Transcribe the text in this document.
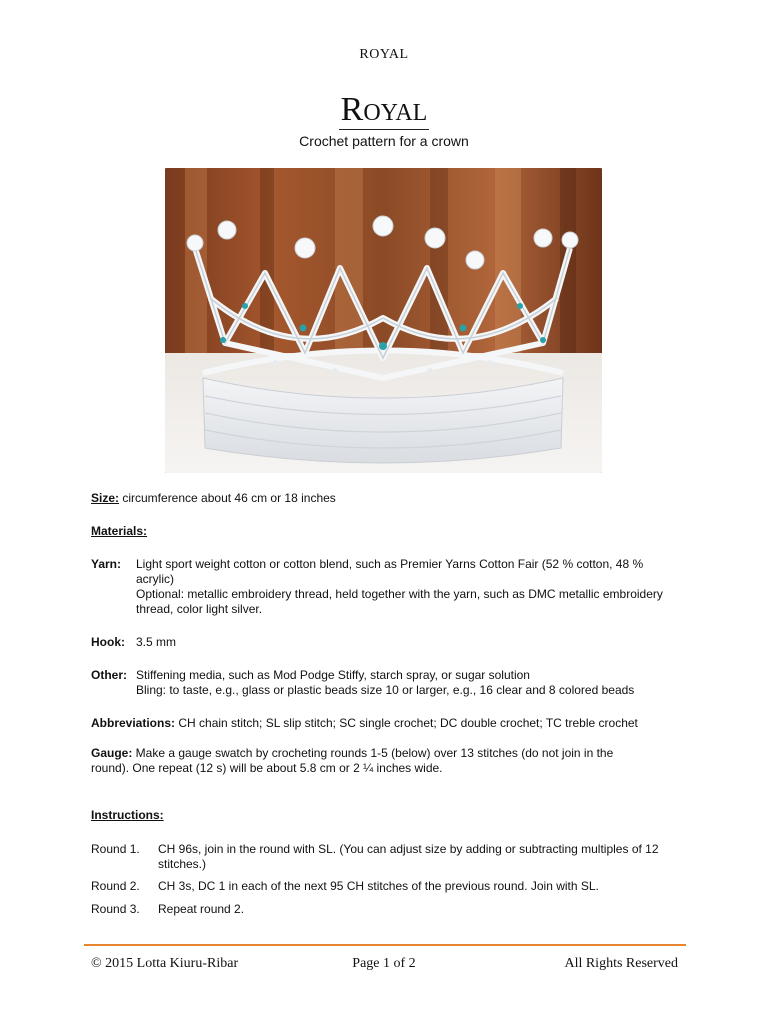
ROYAL
Royal
Crochet pattern for a crown
Size: circumference about 46 cm or 18 inches
Materials:
Yarn: Light sport weight cotton or cotton blend, such as Premier Yarns Cotton Fair (52 % cotton, 48 % acrylic)
Optional: metallic embroidery thread, held together with the yarn, such as DMC metallic embroidery thread, color light silver.
Hook: 3.5 mm
Other: Stiffening media, such as Mod Podge Stiffy, starch spray, or sugar solution
Bling: to taste, e.g., glass or plastic beads size 10 or larger, e.g., 16 clear and 8 colored beads
Abbreviations: CH chain stitch; SL slip stitch; SC single crochet; DC double crochet; TC treble crochet
Gauge: Make a gauge swatch by crocheting rounds 1-5 (below) over 13 stitches (do not join in the round). One repeat (12 s) will be about 5.8 cm or 2 ¼ inches wide.
Instructions:
Round 1. CH 96s, join in the round with SL. (You can adjust size by adding or subtracting multiples of 12 stitches.)
Round 2. CH 3s, DC 1 in each of the next 95 CH stitches of the previous round. Join with SL.
Round 3. Repeat round 2.
© 2015 Lotta Kiuru-Ribar	Page 1 of 2	All Rights Reserved
